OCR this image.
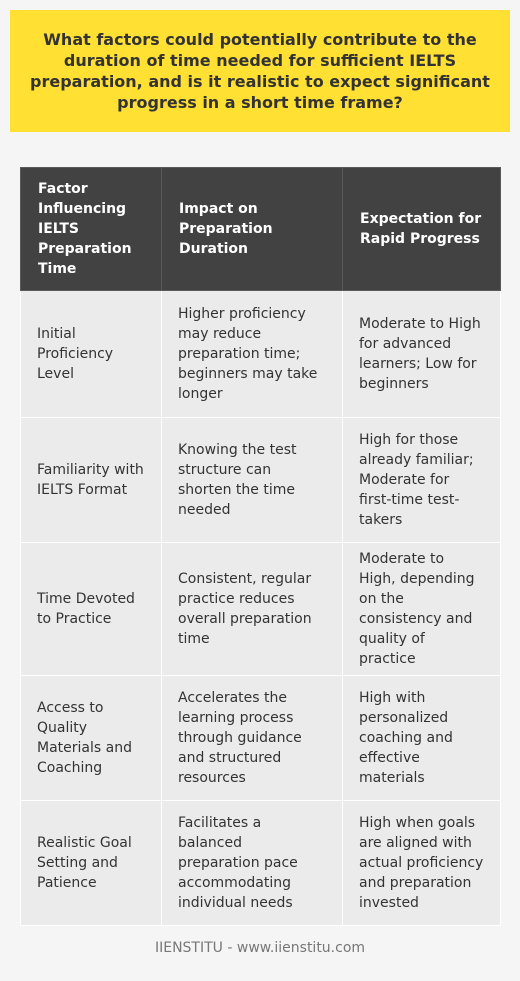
What factors could potentially contribute to the duration of time needed for sufficient IELTS preparation, and is it realistic to expect significant progress in a short time frame?
Factor Influencing IELTS Preparation Time	Impact on Preparation Duration	Expectation for Rapid Progress
Initial Proficiency Level	Higher proficiency may reduce preparation time; beginners may take longer	Moderate to High for advanced learners; Low for beginners
Familiarity with IELTS Format	Knowing the test structure can shorten the time needed	High for those already familiar; Moderate for first-time test-takers
Time Devoted to Practice	Consistent, regular practice reduces overall preparation time	Moderate to High, depending on the consistency and quality of practice
Access to Quality Materials and Coaching	Accelerates the learning process through guidance and structured resources	High with personalized coaching and effective materials
Realistic Goal Setting and Patience	Facilitates a balanced preparation pace accommodating individual needs	High when goals are aligned with actual proficiency and preparation invested
IIENSTITU - www.iienstitu.com
